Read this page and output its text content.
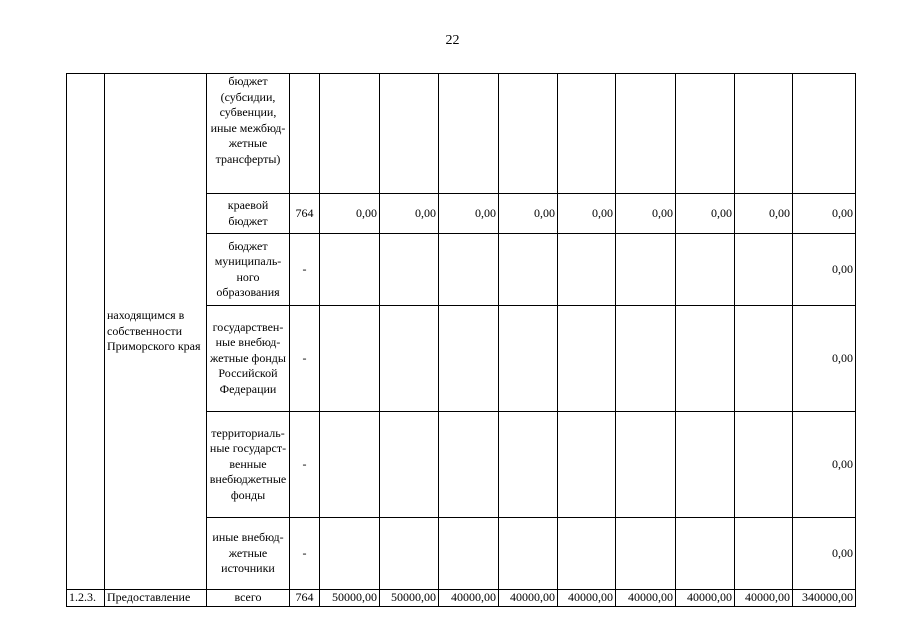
22
	находящимся в собственности Приморского края	бюджет (субсидии, субвенции, иные межбюд-жетные трансферты)										
		краевой бюджет	764	0,00	0,00	0,00	0,00	0,00	0,00	0,00	0,00	0,00
		бюджет муниципаль-ного образования	-									0,00
		государствен-ные внебюд-жетные фонды Российской Федерации	-									0,00
		территориаль-ные государст-венные внебюджетные фонды	-									0,00
		иные внебюд-жетные источники	-									0,00
1.2.3.	Предоставление	всего	764	50000,00	50000,00	40000,00	40000,00	40000,00	40000,00	40000,00	40000,00	340000,00
